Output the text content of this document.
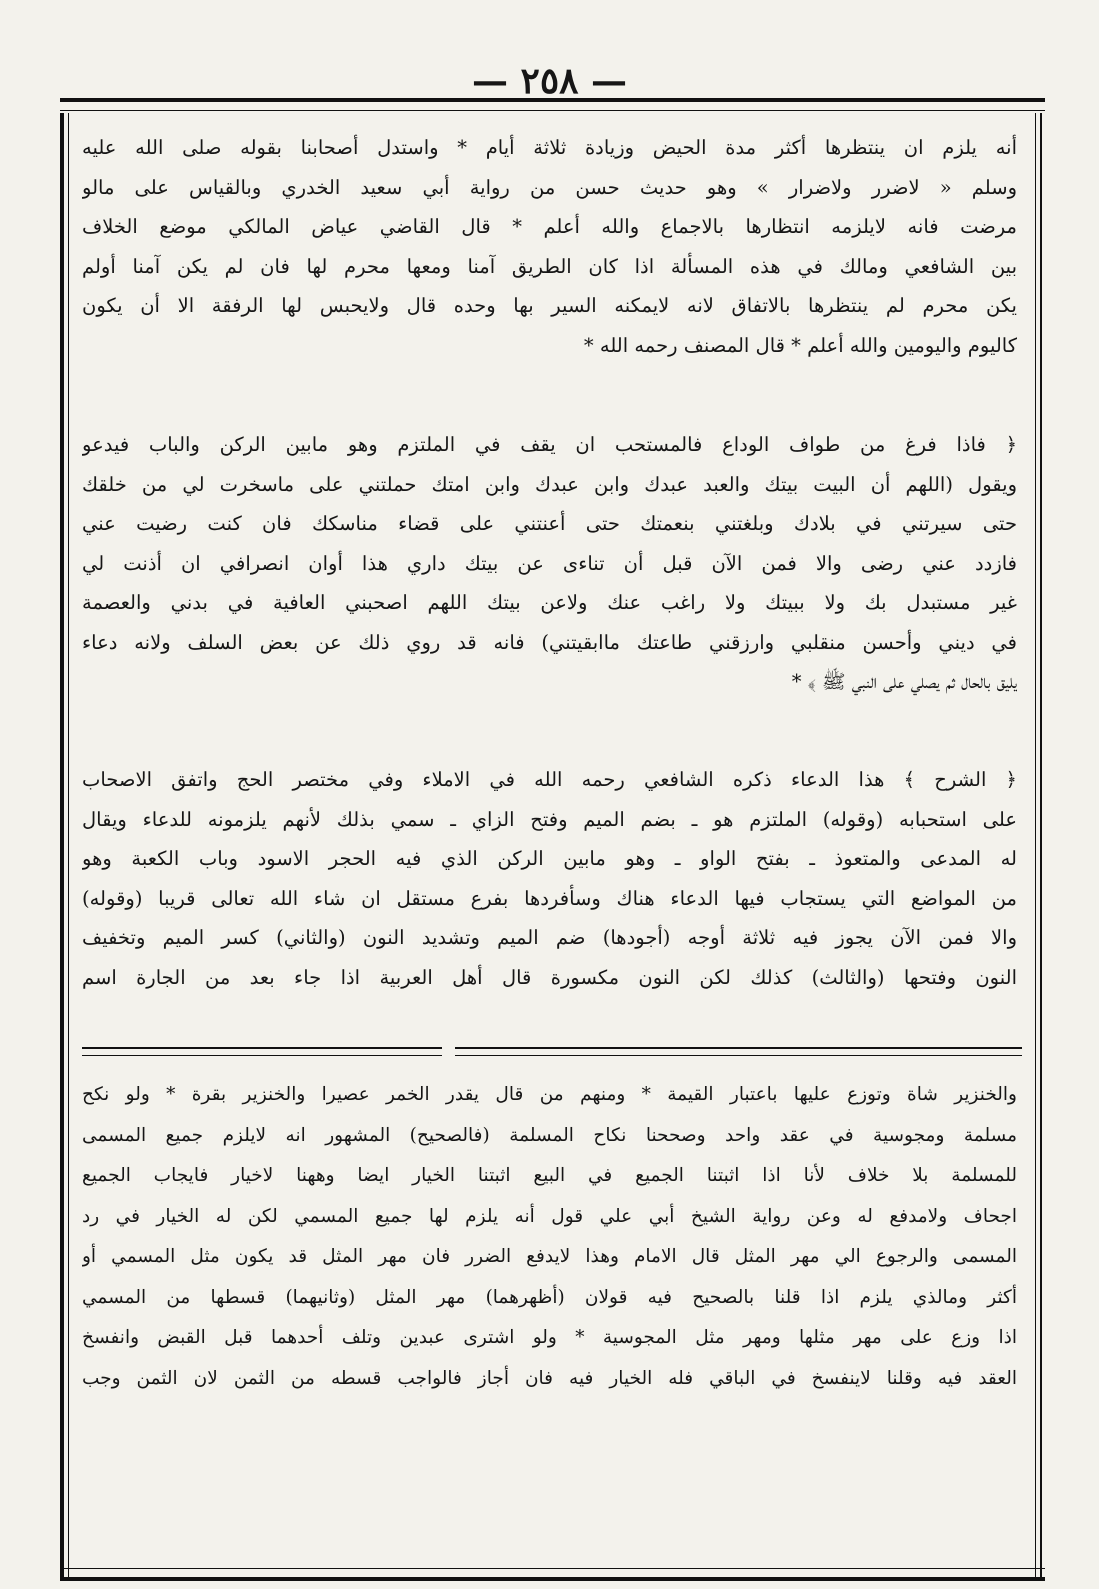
— ٢٥٨ —
أنه يلزم ان ينتظرها أكثر مدة الحيض وزيادة ثلاثة أيام * واستدل أصحابنا بقوله صلى الله عليه
وسلم « لاضرر ولاضرار » وهو حديث حسن من رواية أبي سعيد الخدري وبالقياس على مالو
مرضت فانه لايلزمه انتظارها بالاجماع والله أعلم * قال القاضي عياض المالكي موضع الخلاف
بين الشافعي ومالك في هذه المسألة اذا كان الطريق آمنا ومعها محرم لها فان لم يكن آمنا أولم
يكن محرم لم ينتظرها بالاتفاق لانه لايمكنه السير بها وحده قال ولايحبس لها الرفقة الا أن يكون
كاليوم واليومين والله أعلم * قال المصنف رحمه الله *
﴿ فاذا فرغ من طواف الوداع فالمستحب ان يقف في الملتزم وهو مابين الركن والباب فيدعو
ويقول (اللهم أن البيت بيتك والعبد عبدك وابن عبدك وابن امتك حملتني على ماسخرت لي من خلقك
حتى سيرتني في بلادك وبلغتني بنعمتك حتى أعنتني على قضاء مناسكك فان كنت رضيت عني
فازدد عني رضى والا فمن الآن قبل أن تناءى عن بيتك داري هذا أوان انصرافي ان أذنت لي
غير مستبدل بك ولا ببيتك ولا راغب عنك ولاعن بيتك اللهم اصحبني العافية في بدني والعصمة
في ديني وأحسن منقلبي وارزقني طاعتك ماابقيتني) فانه قد روي ذلك عن بعض السلف ولانه دعاء
يليق بالحال ثم يصلي على النبي ﷺ ﴾ *
﴿ الشرح ﴾ هذا الدعاء ذكره الشافعي رحمه الله في الاملاء وفي مختصر الحج واتفق الاصحاب
على استحبابه (وقوله) الملتزم هو ـ بضم الميم وفتح الزاي ـ سمي بذلك لأنهم يلزمونه للدعاء ويقال
له المدعى والمتعوذ ـ بفتح الواو ـ وهو مابين الركن الذي فيه الحجر الاسود وباب الكعبة وهو
من المواضع التي يستجاب فيها الدعاء هناك وسأفردها بفرع مستقل ان شاء الله تعالى قريبا (وقوله)
والا فمن الآن يجوز فيه ثلاثة أوجه (أجودها) ضم الميم وتشديد النون (والثاني) كسر الميم وتخفيف
النون وفتحها (والثالث) كذلك لكن النون مكسورة قال أهل العربية اذا جاء بعد من الجارة اسم
والخنزير شاة وتوزع عليها باعتبار القيمة * ومنهم من قال يقدر الخمر عصيرا والخنزير بقرة * ولو نكح
مسلمة ومجوسية في عقد واحد وصححنا نكاح المسلمة (فالصحيح) المشهور انه لايلزم جميع المسمى
للمسلمة بلا خلاف لأنا اذا اثبتنا الجميع في البيع اثبتنا الخيار ايضا وههنا لاخيار فايجاب الجميع
اجحاف ولامدفع له وعن رواية الشيخ أبي علي قول أنه يلزم لها جميع المسمي لكن له الخيار في رد
المسمى والرجوع الي مهر المثل قال الامام وهذا لايدفع الضرر فان مهر المثل قد يكون مثل المسمي أو
أكثر ومالذي يلزم اذا قلنا بالصحيح فيه قولان (أظهرهما) مهر المثل (وثانيهما) قسطها من المسمي
اذا وزع على مهر مثلها ومهر مثل المجوسية * ولو اشترى عبدين وتلف أحدهما قبل القبض وانفسخ
العقد فيه وقلنا لاينفسخ في الباقي فله الخيار فيه فان أجاز فالواجب قسطه من الثمن لان الثمن وجب
